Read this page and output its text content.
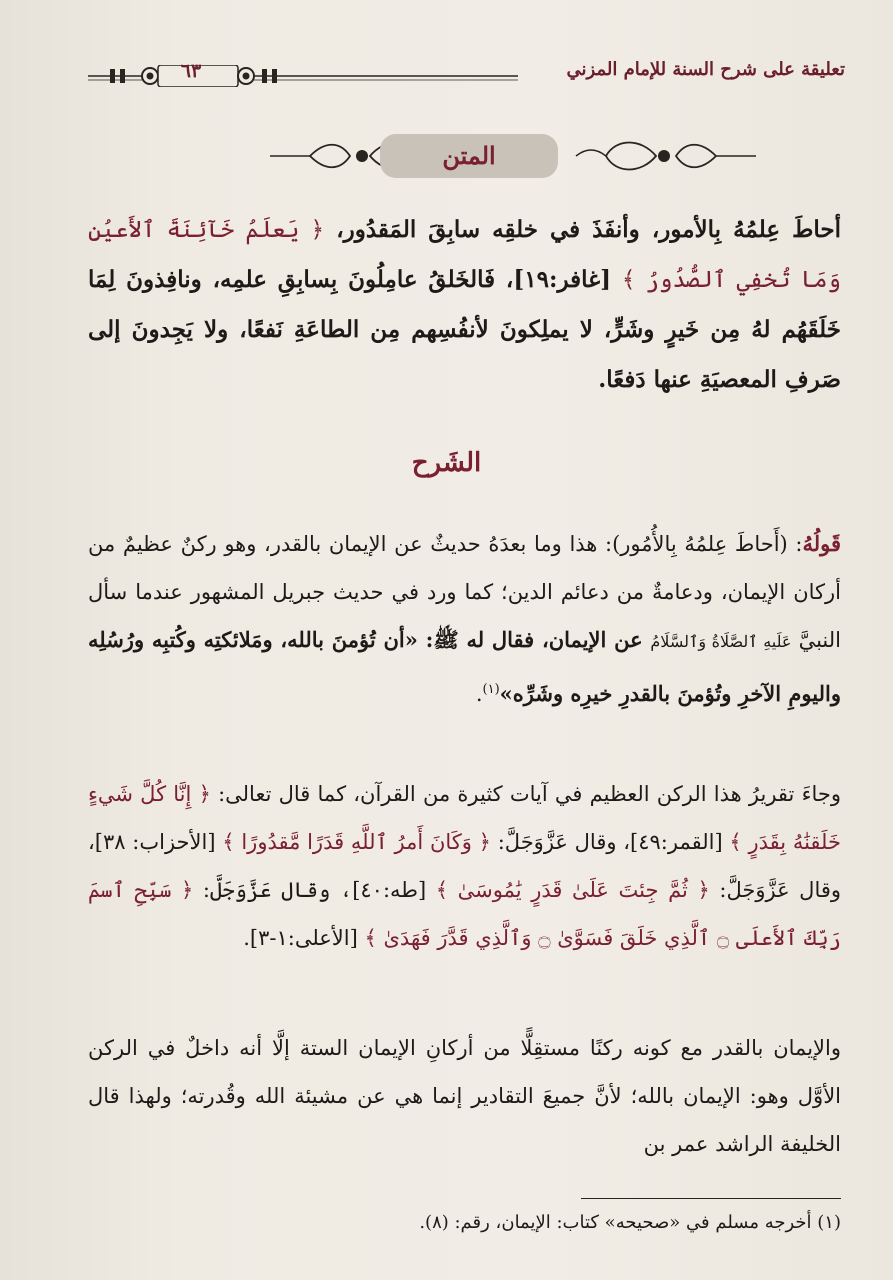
٦٣	تعليقة على شرح السنة للإمام المزني
المتن
أحاطَ عِلمُهُ بِالأمور، وأنفَذَ في خلقِه سابِقَ المَقدُور، ﴿ يَعلَمُ خَآئِنَةَ ٱلأَعيُنِ وَمَا تُخفِي ٱلصُّدُورُ ﴾ [غافر:١٩]، فَالخَلقُ عامِلُونَ بِسابِقِ علمِه، ونافِذونَ لِمَا خَلَقَهُم لهُ مِن خَيرٍ وشَرٍّ، لا يملِكونَ لأنفُسِهم مِن الطاعَةِ نَفعًا، ولا يَجِدونَ إلى صَرفِ المعصيَةِ عنها دَفعًا.
الشَرح
قَولُهُ: (أَحاطَ عِلمُهُ بِالأُمُور): هذا وما بعدَهُ حديثٌ عن الإيمان بالقدر، وهو ركنٌ عظيمٌ من أركان الإيمان، ودعامةٌ من دعائم الدين؛ كما ورد في حديث جبريل المشهور عندما سأل النبيَّ عَلَيهِ ٱلصَّلَاةُ وَٱلسَّلَامُ عن الإيمان، فقال له ﷺ: «أن تُؤمنَ بالله، ومَلائكتِه وكُتبِه ورُسُلِه واليومِ الآخرِ وتُؤمنَ بالقدرِ خيرِه وشَرِّه»$^{(١)}$.
وجاءَ تقريرُ هذا الركن العظيم في آيات كثيرة من القرآن، كما قال تعالى: ﴿ إِنَّا كُلَّ شَيءٍ خَلَقنَٰهُ بِقَدَرٍ ﴾ [القمر:٤٩]، وقال عَزَّوَجَلَّ: ﴿ وَكَانَ أَمرُ ٱللَّهِ قَدَرًا مَّقدُورًا ﴾ [الأحزاب: ٣٨]، وقال عَزَّوَجَلَّ: ﴿ ثُمَّ جِئتَ عَلَىٰ قَدَرٍ يَٰمُوسَىٰ ﴾ [طه:٤٠]، وقال عَزَّوَجَلَّ: ﴿ سَبِّحِ ٱسمَ رَبِّكَ ٱلأَعلَى ۝ ٱلَّذِي خَلَقَ فَسَوَّىٰ ۝ وَٱلَّذِي قَدَّرَ فَهَدَىٰ ﴾ [الأعلى:١-٣].
والإيمان بالقدر مع كونه ركنًا مستقِلًّا من أركانِ الإيمان الستة إلَّا أنه داخلٌ في الركن الأوَّل وهو: الإيمان بالله؛ لأنَّ جميعَ التقادير إنما هي عن مشيئة الله وقُدرته؛ ولهذا قال الخليفة الراشد عمر بن
(١) أخرجه مسلم في «صحيحه» كتاب: الإيمان، رقم: (٨).
